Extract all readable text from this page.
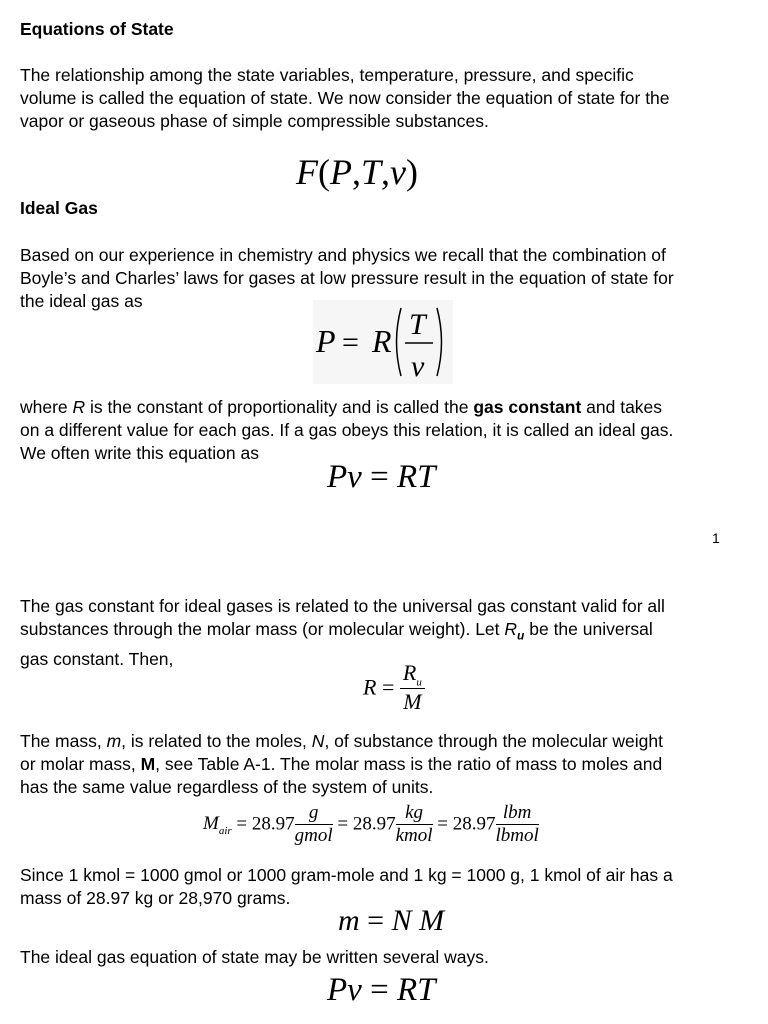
Equations of State
The relationship among the state variables, temperature, pressure, and specific
volume is called the equation of state. We now consider the equation of state for the
vapor or gaseous phase of simple compressible substances.
F(P,T,v)
Ideal Gas
Based on our experience in chemistry and physics we recall that the combination of
Boyle’s and Charles’ laws for gases at low pressure result in the equation of state for
the ideal gas as
P = R T
v
where R is the constant of proportionality and is called the gas constant and takes
on a different value for each gas. If a gas obeys this relation, it is called an ideal gas.
We often write this equation as
Pv = RT
1
The gas constant for ideal gases is related to the universal gas constant valid for all
substances through the molar mass (or molecular weight). Let $R_u$ be the universal
gas constant. Then,
$R = \frac{R_u}{M}$
The mass, m, is related to the moles, N, of substance through the molecular weight
or molar mass, M, see Table A-1. The molar mass is the ratio of mass to moles and
has the same value regardless of the system of units.
$M_{air} = 28.97 \frac{g}{\text{gmol}} = 28.97 \frac{kg}{\text{kmol}} = 28.97 \frac{\text{lbm}}{\text{lbmol}}$
Since 1 kmol = 1000 gmol or 1000 gram-mole and 1 kg = 1000 g, 1 kmol of air has a
mass of 28.97 kg or 28,970 grams.
m = N M
The ideal gas equation of state may be written several ways.
Pv = RT
